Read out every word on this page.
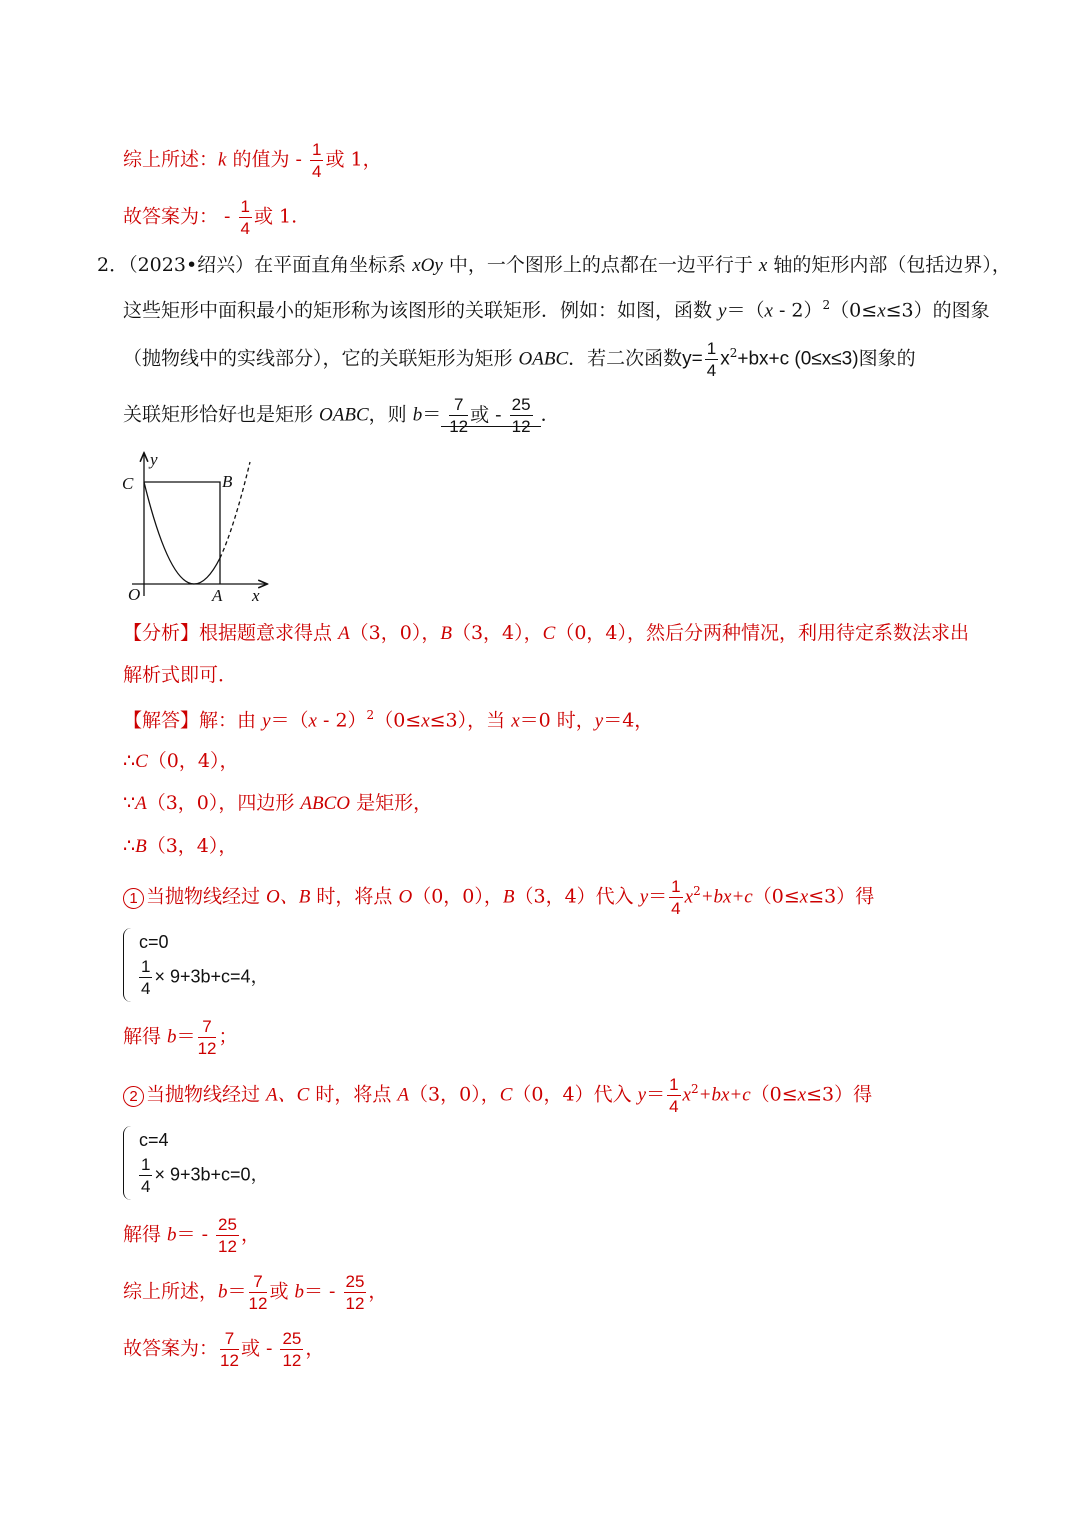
综上所述：k 的值为 - $\frac{1}{4}$ 或 1，
故答案为： - $\frac{1}{4}$ 或 1.
2．（2023•绍兴）在平面直角坐标系 xOy 中，一个图形上的点都在一边平行于 x 轴的矩形内部（包括边界），
这些矩形中面积最小的矩形称为该图形的关联矩形．例如：如图，函数 y＝（x - 2）$^2$（0≤x≤3）的图象
（抛物线中的实线部分），它的关联矩形为矩形 OABC．若二次函数$y= \frac{1}{4} x^2+bx+c$ (0≤x≤3)图象的
关联矩形恰好也是矩形 OABC，则 $b= \frac{7}{12}$ 或 - $\frac{25}{12}$ ．
C	B
y
O	A x
【分析】根据题意求得点 A（3，0），B（3，4），C（0，4），然后分两种情况，利用待定系数法求出
解析式即可．
【解答】解：由 y＝（x - 2）$^2$（0≤x≤3），当 x＝0 时，y＝4，
∴C（0，4），
∵A（3，0），四边形 ABCO 是矩形，
∴B（3，4），
1 当抛物线经过 O、B 时，将点 O（0，0），B（3，4）代入 $y= \frac{1}{4} x^2+bx+c(0\le x\le 3)$得
c=0
$\frac{1}{4} \times 9+3b+c=4$，
解得 $b= \frac{7}{12}$ ；
2 当抛物线经过 A、C 时，将点 A（3，0），C（0，4）代入 $y= \frac{1}{4} x^2+bx+c(0\le x\le 3)$得
c=4
$\frac{1}{4} \times 9+3b+c=0$，
解得 $b= - \frac{25}{12}$ ，
综上所述，$b= \frac{7}{12}$ 或 $b= - \frac{25}{12}$ ，
故答案为： $\frac{7}{12}$ 或 - $\frac{25}{12}$ ，
